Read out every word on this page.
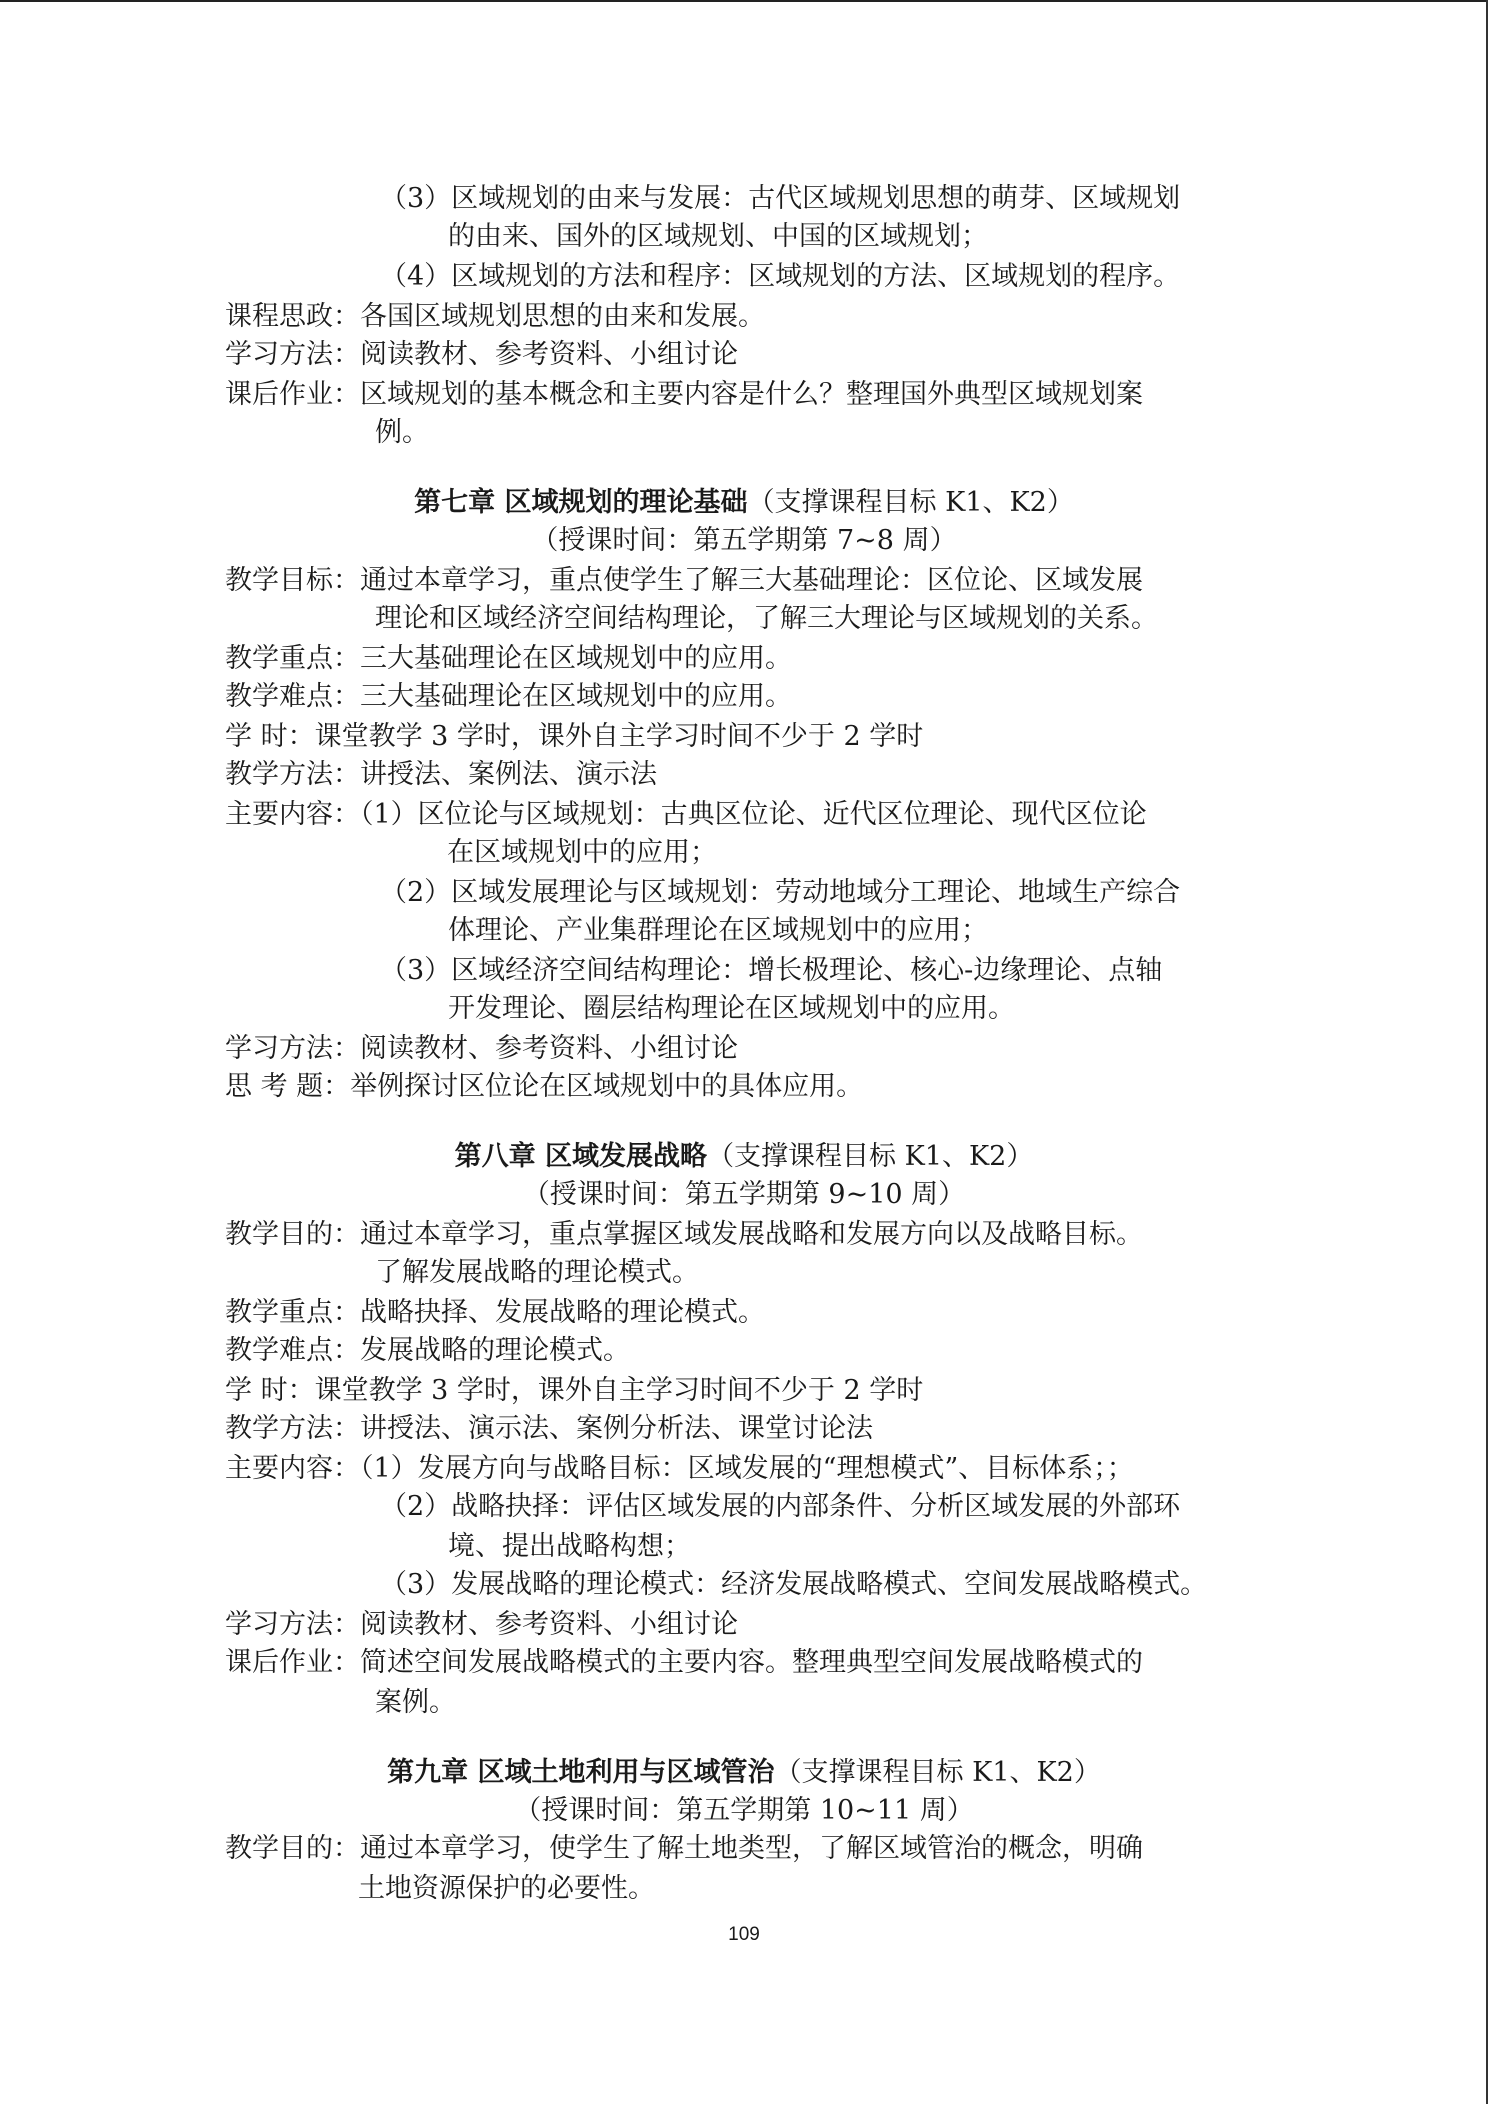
（3）区域规划的由来与发展：古代区域规划思想的萌芽、区域规划
的由来、国外的区域规划、中国的区域规划；
（4）区域规划的方法和程序：区域规划的方法、区域规划的程序。
课程思政：各国区域规划思想的由来和发展。
学习方法：阅读教材、参考资料、小组讨论
课后作业：区域规划的基本概念和主要内容是什么？整理国外典型区域规划案
例。
第七章 区域规划的理论基础（支撑课程目标 K1、K2）
（授课时间：第五学期第 7~8 周）
教学目标：通过本章学习，重点使学生了解三大基础理论：区位论、区域发展
理论和区域经济空间结构理论，了解三大理论与区域规划的关系。
教学重点：三大基础理论在区域规划中的应用。
教学难点：三大基础理论在区域规划中的应用。
学 时：课堂教学 3 学时，课外自主学习时间不少于 2 学时
教学方法：讲授法、案例法、演示法
主要内容：（1）区位论与区域规划：古典区位论、近代区位理论、现代区位论
在区域规划中的应用；
（2）区域发展理论与区域规划：劳动地域分工理论、地域生产综合
体理论、产业集群理论在区域规划中的应用；
（3）区域经济空间结构理论：增长极理论、核心-边缘理论、点轴
开发理论、圈层结构理论在区域规划中的应用。
学习方法：阅读教材、参考资料、小组讨论
思 考 题：举例探讨区位论在区域规划中的具体应用。
第八章 区域发展战略（支撑课程目标 K1、K2）
（授课时间：第五学期第 9~10 周）
教学目的：通过本章学习，重点掌握区域发展战略和发展方向以及战略目标。
了解发展战略的理论模式。
教学重点：战略抉择、发展战略的理论模式。
教学难点：发展战略的理论模式。
学 时：课堂教学 3 学时，课外自主学习时间不少于 2 学时
教学方法：讲授法、演示法、案例分析法、课堂讨论法
主要内容：（1）发展方向与战略目标：区域发展的“理想模式”、目标体系；；
（2）战略抉择：评估区域发展的内部条件、分析区域发展的外部环
境、提出战略构想；
（3）发展战略的理论模式：经济发展战略模式、空间发展战略模式。
学习方法：阅读教材、参考资料、小组讨论
课后作业：简述空间发展战略模式的主要内容。整理典型空间发展战略模式的
案例。
第九章 区域土地利用与区域管治（支撑课程目标 K1、K2）
（授课时间：第五学期第 10~11 周）
教学目的：通过本章学习，使学生了解土地类型，了解区域管治的概念，明确
土地资源保护的必要性。
109
